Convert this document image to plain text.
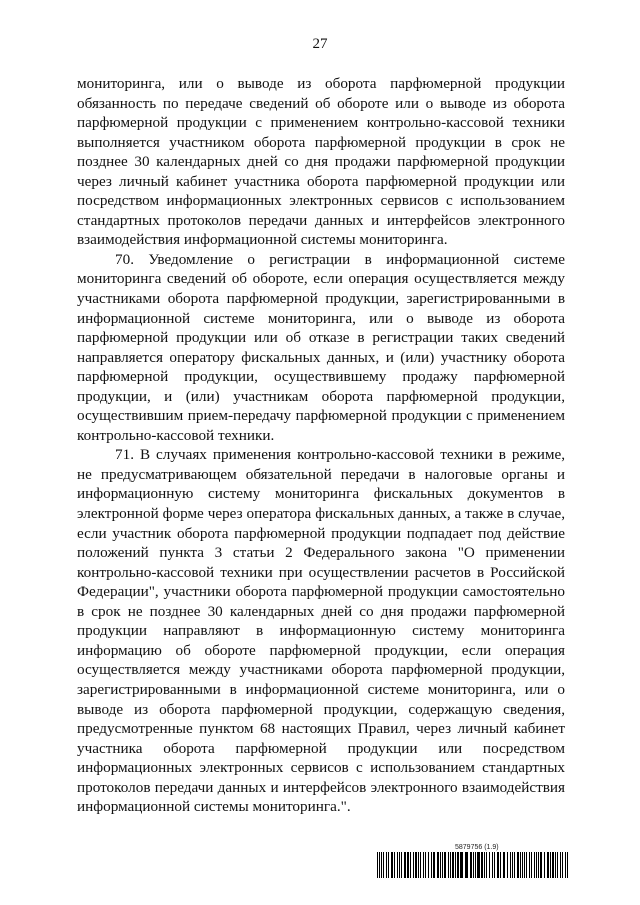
27

мониторинга, или о выводе из оборота парфюмерной продукции обязанность по передаче сведений об обороте или о выводе из оборота парфюмерной продукции с применением контрольно-кассовой техники выполняется участником оборота парфюмерной продукции в срок не позднее 30 календарных дней со дня продажи парфюмерной продукции через личный кабинет участника оборота парфюмерной продукции или посредством информационных электронных сервисов с использованием стандартных протоколов передачи данных и интерфейсов электронного взаимодействия информационной системы мониторинга.

70. Уведомление о регистрации в информационной системе мониторинга сведений об обороте, если операция осуществляется между участниками оборота парфюмерной продукции, зарегистрированными в информационной системе мониторинга, или о выводе из оборота парфюмерной продукции или об отказе в регистрации таких сведений направляется оператору фискальных данных, и (или) участнику оборота парфюмерной продукции, осуществившему продажу парфюмерной продукции, и (или) участникам оборота парфюмерной продукции, осуществившим прием-передачу парфюмерной продукции с применением контрольно-кассовой техники.

71. В случаях применения контрольно-кассовой техники в режиме, не предусматривающем обязательной передачи в налоговые органы и информационную систему мониторинга фискальных документов в электронной форме через оператора фискальных данных, а также в случае, если участник оборота парфюмерной продукции подпадает под действие положений пункта 3 статьи 2 Федерального закона "О применении контрольно-кассовой техники при осуществлении расчетов в Российской Федерации", участники оборота парфюмерной продукции самостоятельно в срок не позднее 30 календарных дней со дня продажи парфюмерной продукции направляют в информационную систему мониторинга информацию об обороте парфюмерной продукции, если операция осуществляется между участниками оборота парфюмерной продукции, зарегистрированными в информационной системе мониторинга, или о выводе из оборота парфюмерной продукции, содержащую сведения, предусмотренные пунктом 68 настоящих Правил, через личный кабинет участника оборота парфюмерной продукции или посредством информационных электронных сервисов с использованием стандартных протоколов передачи данных и интерфейсов электронного взаимодействия информационной системы мониторинга.".

5879756 (1.9)
